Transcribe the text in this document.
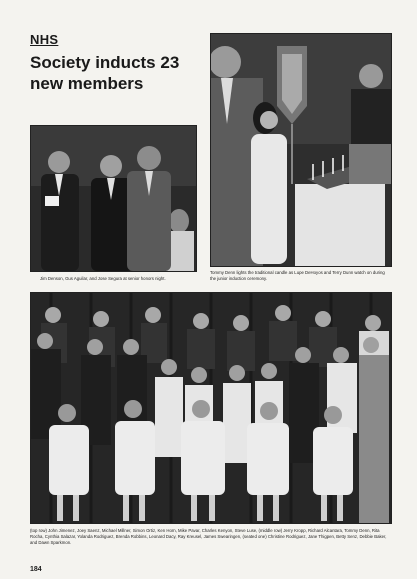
NHS
Society inducts 23 new members
Jim Denson, Gus Aguilar, and Jose Segura at senior honors night.
Tommy Denn lights the traditional candle as Lupe DeHoyos and Terry Dunn watch on during the junior induction ceremony.
(top row) John Jimenez, Joey Saenz, Michael Millner, Simon Ortiz, Ken Horn, Mike Pavar, Charles Kenyon, Steve Luse, (middle row) Jerry Kropp, Richard Alcantara, Tommy Denn, Rita Rocha, Cynthia Salazar, Yolanda Rodriguez, Brenda Robbins, Leonard Dacy, Ray Kreusel, James Swearingen, (seated one) Christine Rodriguez, Jane Thigpen, Betty Senz, Debbie Baker, and Dawn Sparkmon.
184
